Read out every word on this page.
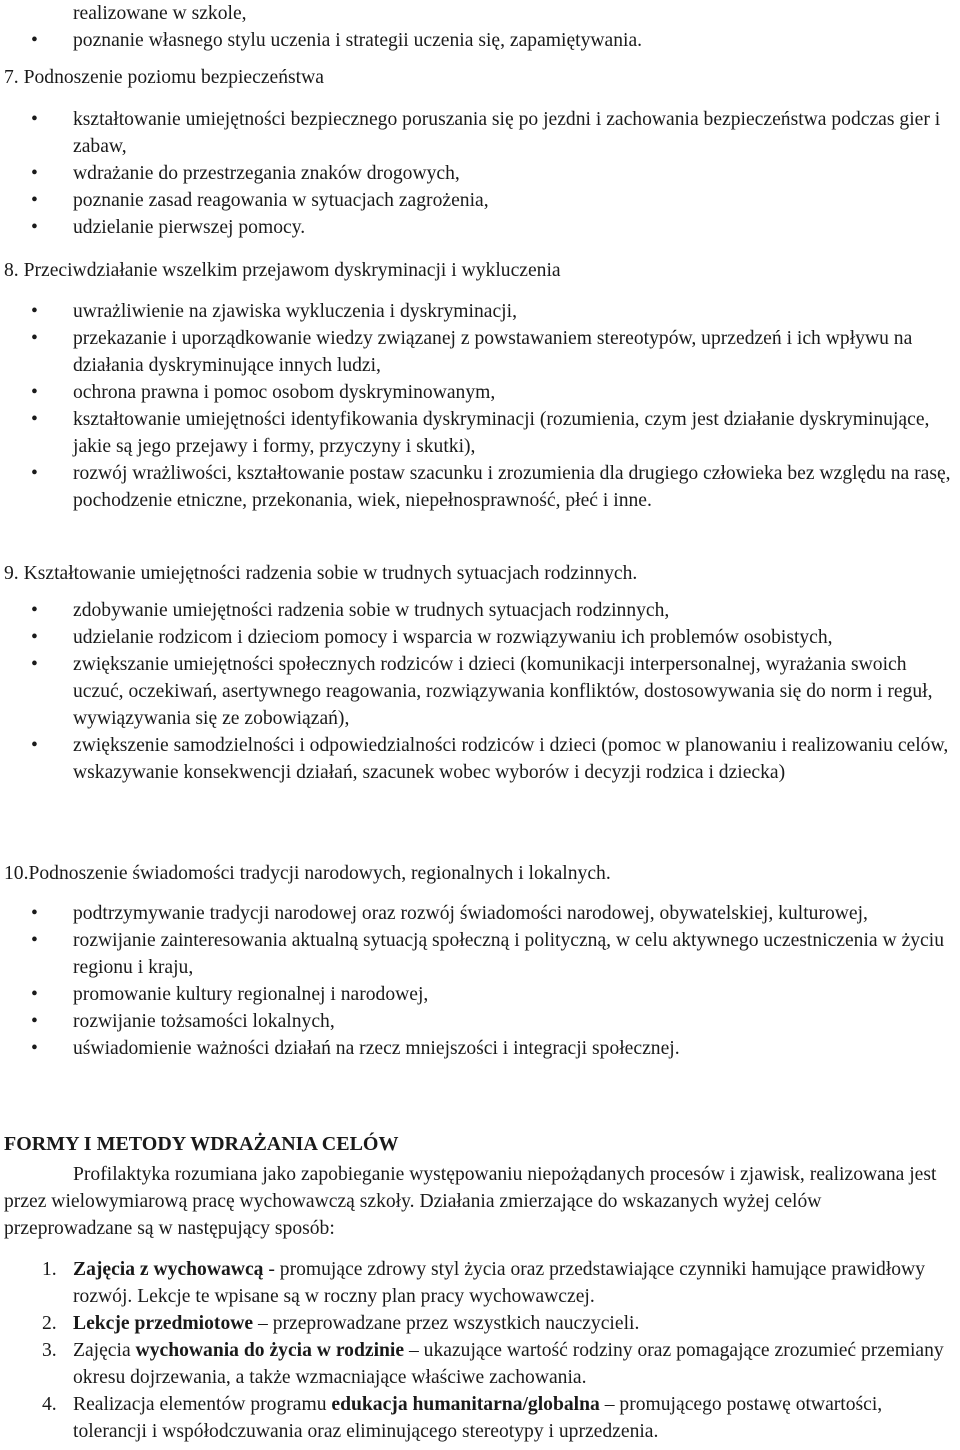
realizowane w szkole,
• poznanie własnego stylu uczenia i strategii uczenia się, zapamiętywania.
7. Podnoszenie poziomu bezpieczeństwa
• kształtowanie umiejętności bezpiecznego poruszania się po jezdni i zachowania bezpieczeństwa podczas gier i zabaw,
• wdrażanie do przestrzegania znaków drogowych,
• poznanie zasad reagowania w sytuacjach zagrożenia,
• udzielanie pierwszej pomocy.
8. Przeciwdziałanie wszelkim przejawom dyskryminacji i wykluczenia
• uwrażliwienie na zjawiska wykluczenia i dyskryminacji,
• przekazanie i uporządkowanie wiedzy związanej z powstawaniem stereotypów, uprzedzeń i ich wpływu na działania dyskryminujące innych ludzi,
• ochrona prawna i pomoc osobom dyskryminowanym,
• kształtowanie umiejętności identyfikowania dyskryminacji (rozumienia, czym jest działanie dyskryminujące, jakie są jego przejawy i formy, przyczyny i skutki),
• rozwój wrażliwości, kształtowanie postaw szacunku i zrozumienia dla drugiego człowieka bez względu na rasę, pochodzenie etniczne, przekonania, wiek, niepełnosprawność, płeć i inne.
9. Kształtowanie umiejętności radzenia sobie w trudnych sytuacjach rodzinnych.
• zdobywanie umiejętności radzenia sobie w trudnych sytuacjach rodzinnych,
• udzielanie rodzicom i dzieciom pomocy i wsparcia w rozwiązywaniu ich problemów osobistych,
• zwiększanie umiejętności społecznych rodziców i dzieci (komunikacji interpersonalnej, wyrażania swoich uczuć, oczekiwań, asertywnego reagowania, rozwiązywania konfliktów, dostosowywania się do norm i reguł, wywiązywania się ze zobowiązań),
• zwiększenie samodzielności i odpowiedzialności rodziców i dzieci (pomoc w planowaniu i realizowaniu celów, wskazywanie konsekwencji działań, szacunek wobec wyborów i decyzji rodzica i dziecka)
10.Podnoszenie świadomości tradycji narodowych, regionalnych i lokalnych.
• podtrzymywanie tradycji narodowej oraz rozwój świadomości narodowej, obywatelskiej, kulturowej,
• rozwijanie zainteresowania aktualną sytuacją społeczną i polityczną, w celu aktywnego uczestniczenia w życiu regionu i kraju,
• promowanie kultury regionalnej i narodowej,
• rozwijanie tożsamości lokalnych,
• uświadomienie ważności działań na rzecz mniejszości i integracji społecznej.
FORMY I METODY WDRAŻANIA CELÓW
Profilaktyka rozumiana jako zapobieganie występowaniu niepożądanych procesów i zjawisk, realizowana jest przez wielowymiarową pracę wychowawczą szkoły. Działania zmierzające do wskazanych wyżej celów przeprowadzane są w następujący sposób:
1. Zajęcia z wychowawcą - promujące zdrowy styl życia oraz przedstawiające czynniki hamujące prawidłowy rozwój. Lekcje te wpisane są w roczny plan pracy wychowawczej.
2. Lekcje przedmiotowe – przeprowadzane przez wszystkich nauczycieli.
3. Zajęcia wychowania do życia w rodzinie – ukazujące wartość rodziny oraz pomagające zrozumieć przemiany okresu dojrzewania, a także wzmacniające właściwe zachowania.
4. Realizacja elementów programu edukacja humanitarna/globalna – promującego postawę otwartości, tolerancji i współodczuwania oraz eliminującego stereotypy i uprzedzenia.
